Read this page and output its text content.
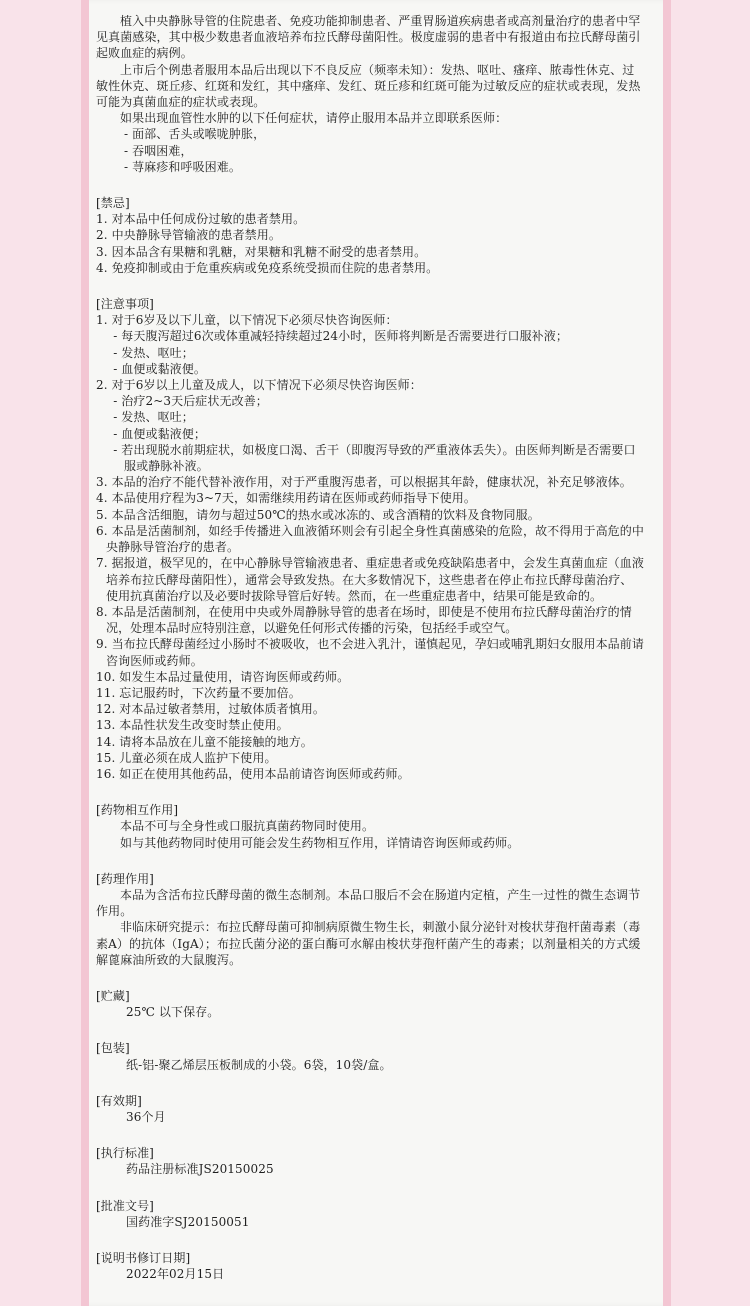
植入中央静脉导管的住院患者、免疫功能抑制患者、严重胃肠道疾病患者或高剂量治疗的患者中罕见真菌感染，其中极少数患者血液培养布拉氏酵母菌阳性。极度虚弱的患者中有报道由布拉氏酵母菌引起败血症的病例。

上市后个例患者服用本品后出现以下不良反应（频率未知）：发热、呕吐、瘙痒、脓毒性休克、过敏性休克、斑丘疹、红斑和发红，其中瘙痒、发红、斑丘疹和红斑可能为过敏反应的症状或表现，发热可能为真菌血症的症状或表现。

如果出现血管性水肿的以下任何症状，请停止服用本品并立即联系医师：

- 面部、舌头或喉咙肿胀，

- 吞咽困难，

- 荨麻疹和呼吸困难。

[禁忌]

1. 对本品中任何成份过敏的患者禁用。

2. 中央静脉导管输液的患者禁用。

3. 因本品含有果糖和乳糖，对果糖和乳糖不耐受的患者禁用。

4. 免疫抑制或由于危重疾病或免疫系统受损而住院的患者禁用。

[注意事项]

1. 对于6岁及以下儿童，以下情况下必须尽快咨询医师：

- 每天腹泻超过6次或体重减轻持续超过24小时，医师将判断是否需要进行口服补液；

- 发热、呕吐；

- 血便或黏液便。

2. 对于6岁以上儿童及成人，以下情况下必须尽快咨询医师：

- 治疗2~3天后症状无改善；

- 发热、呕吐；

- 血便或黏液便；

- 若出现脱水前期症状，如极度口渴、舌干（即腹泻导致的严重液体丢失）。由医师判断是否需要口服或静脉补液。

3. 本品的治疗不能代替补液作用，对于严重腹泻患者，可以根据其年龄，健康状况，补充足够液体。

4. 本品使用疗程为3~7天，如需继续用药请在医师或药师指导下使用。

5. 本品含活细胞，请勿与超过50℃的热水或冰冻的、或含酒精的饮料及食物同服。

6. 本品是活菌制剂，如经手传播进入血液循环则会有引起全身性真菌感染的危险，故不得用于高危的中央静脉导管治疗的患者。

7. 据报道，极罕见的，在中心静脉导管输液患者、重症患者或免疫缺陷患者中，会发生真菌血症（血液培养布拉氏酵母菌阳性），通常会导致发热。在大多数情况下，这些患者在停止布拉氏酵母菌治疗、使用抗真菌治疗以及必要时拔除导管后好转。然而，在一些重症患者中，结果可能是致命的。

8. 本品是活菌制剂，在使用中央或外周静脉导管的患者在场时，即使是不使用布拉氏酵母菌治疗的情况，处理本品时应特别注意，以避免任何形式传播的污染，包括经手或空气。

9. 当布拉氏酵母菌经过小肠时不被吸收，也不会进入乳汁，谨慎起见，孕妇或哺乳期妇女服用本品前请咨询医师或药师。

10. 如发生本品过量使用，请咨询医师或药师。

11. 忘记服药时，下次药量不要加倍。

12. 对本品过敏者禁用，过敏体质者慎用。

13. 本品性状发生改变时禁止使用。

14. 请将本品放在儿童不能接触的地方。

15. 儿童必须在成人监护下使用。

16. 如正在使用其他药品，使用本品前请咨询医师或药师。

[药物相互作用]

本品不可与全身性或口服抗真菌药物同时使用。

如与其他药物同时使用可能会发生药物相互作用，详情请咨询医师或药师。

[药理作用]

本品为含活布拉氏酵母菌的微生态制剂。本品口服后不会在肠道内定植，产生一过性的微生态调节作用。

非临床研究提示：布拉氏酵母菌可抑制病原微生物生长，刺激小鼠分泌针对梭状芽孢杆菌毒素（毒素A）的抗体（IgA）；布拉氏菌分泌的蛋白酶可水解由梭状芽孢杆菌产生的毒素；以剂量相关的方式缓解蓖麻油所致的大鼠腹泻。

[贮藏]

25℃ 以下保存。

[包装]

纸-铝-聚乙烯层压板制成的小袋。6袋，10袋/盒。

[有效期]

36个月

[执行标准]

药品注册标准JS20150025

[批准文号]

国药准字SJ20150051

[说明书修订日期]

2022年02月15日
